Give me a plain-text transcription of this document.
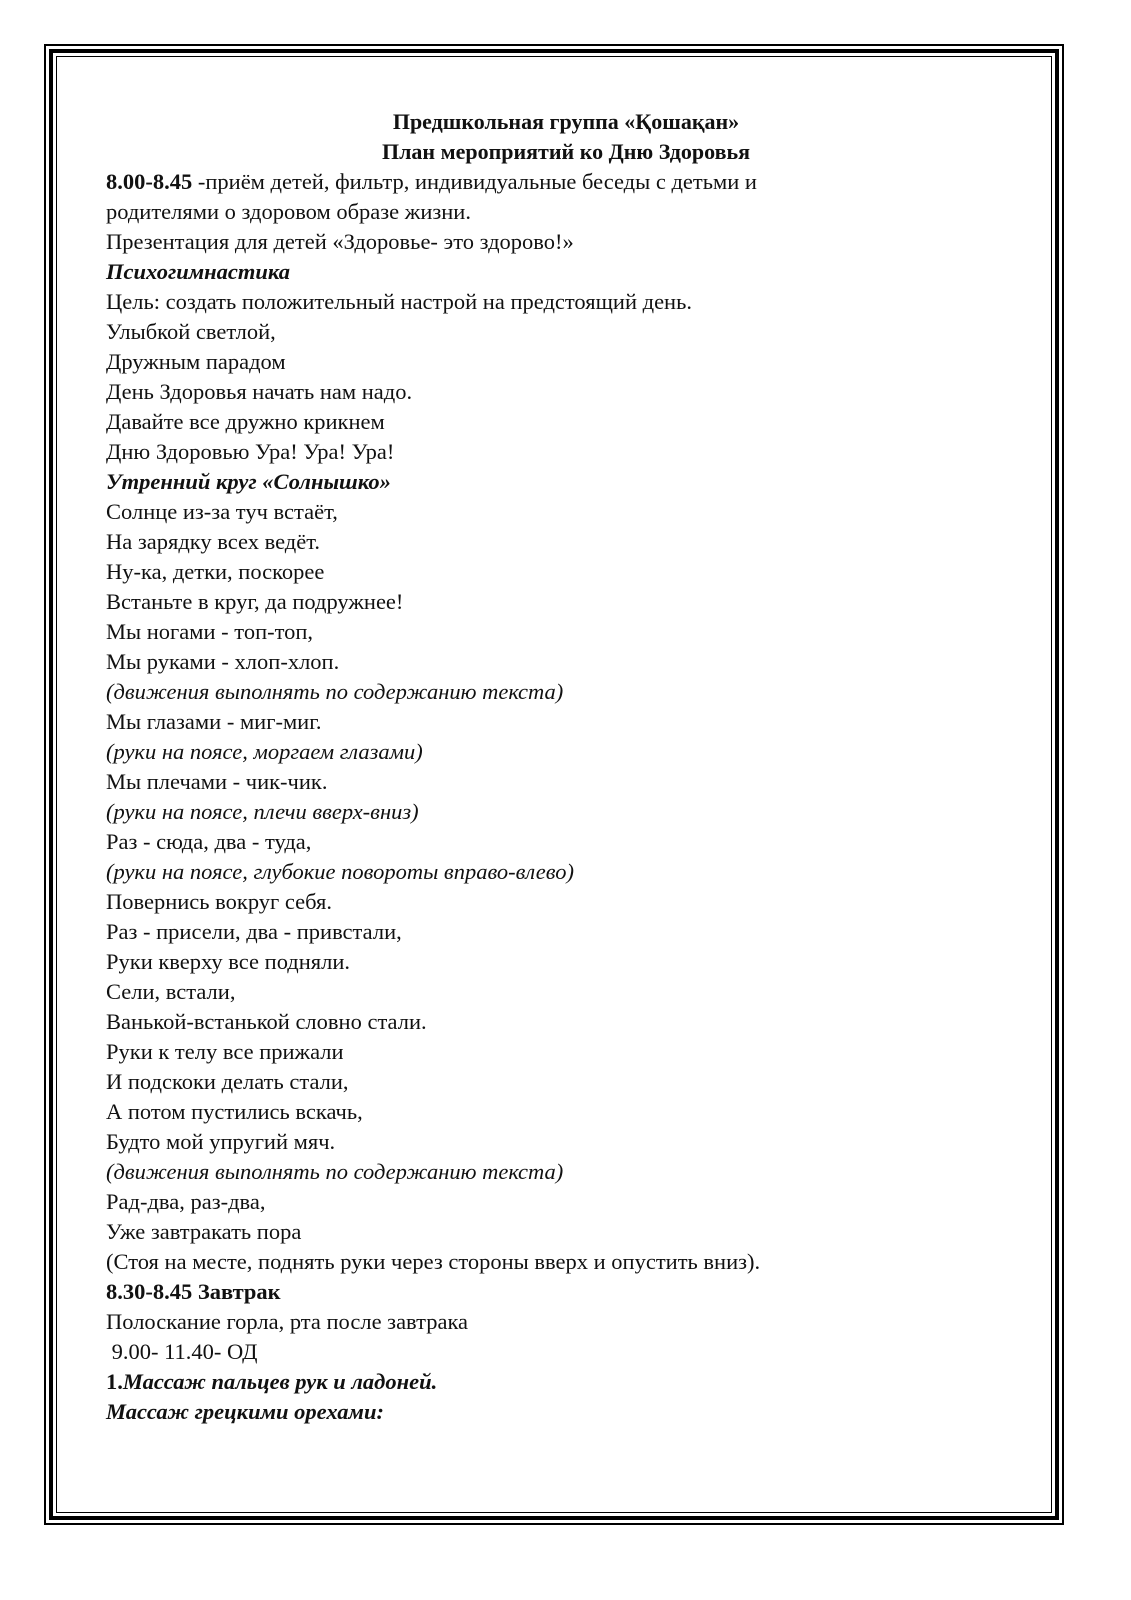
Предшкольная группа «Қошақан»
План мероприятий ко Дню Здоровья
8.00-8.45 -приём детей, фильтр, индивидуальные беседы с детьми и
родителями о здоровом образе жизни.
Презентация для детей «Здоровье- это здорово!»
Психогимнастика
Цель: создать положительный настрой на предстоящий день.
Улыбкой светлой,
Дружным парадом
День Здоровья начать нам надо.
Давайте все дружно крикнем
Дню Здоровью Ура! Ура! Ура!
Утренний круг «Солнышко»
Солнце из-за туч встаёт,
На зарядку всех ведёт.
Ну-ка, детки, поскорее
Встаньте в круг, да подружнее!
Мы ногами - топ-топ,
Мы руками - хлоп-хлоп.
(движения выполнять по содержанию текста)
Мы глазами - миг-миг.
(руки на поясе, моргаем глазами)
Мы плечами - чик-чик.
(руки на поясе, плечи вверх-вниз)
Раз - сюда, два - туда,
(руки на поясе, глубокие повороты вправо-влево)
Повернись вокруг себя.
Раз - присели, два - привстали,
Руки кверху все подняли.
Сели, встали,
Ванькой-встанькой словно стали.
Руки к телу все прижали
И подскоки делать стали,
А потом пустились вскачь,
Будто мой упругий мяч.
(движения выполнять по содержанию текста)
Рад-два, раз-два,
Уже завтракать пора
(Стоя на месте, поднять руки через стороны вверх и опустить вниз).
8.30-8.45 Завтрак
Полоскание горла, рта после завтрака
9.00- 11.40- ОД
1.Массаж пальцев рук и ладоней.
Массаж грецкими орехами:
